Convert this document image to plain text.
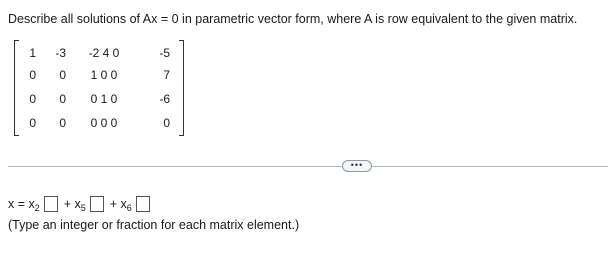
Describe all solutions of Ax = 0 in parametric vector form, where A is row equivalent to the given matrix.
1	-3	-2 4 0	-5
0	0	1 0 0	7
0	0	0 1 0	-6
0	0	0 0 0	0
•••
$x = x_2 + x_5 + x_6$
(Type an integer or fraction for each matrix element.)
